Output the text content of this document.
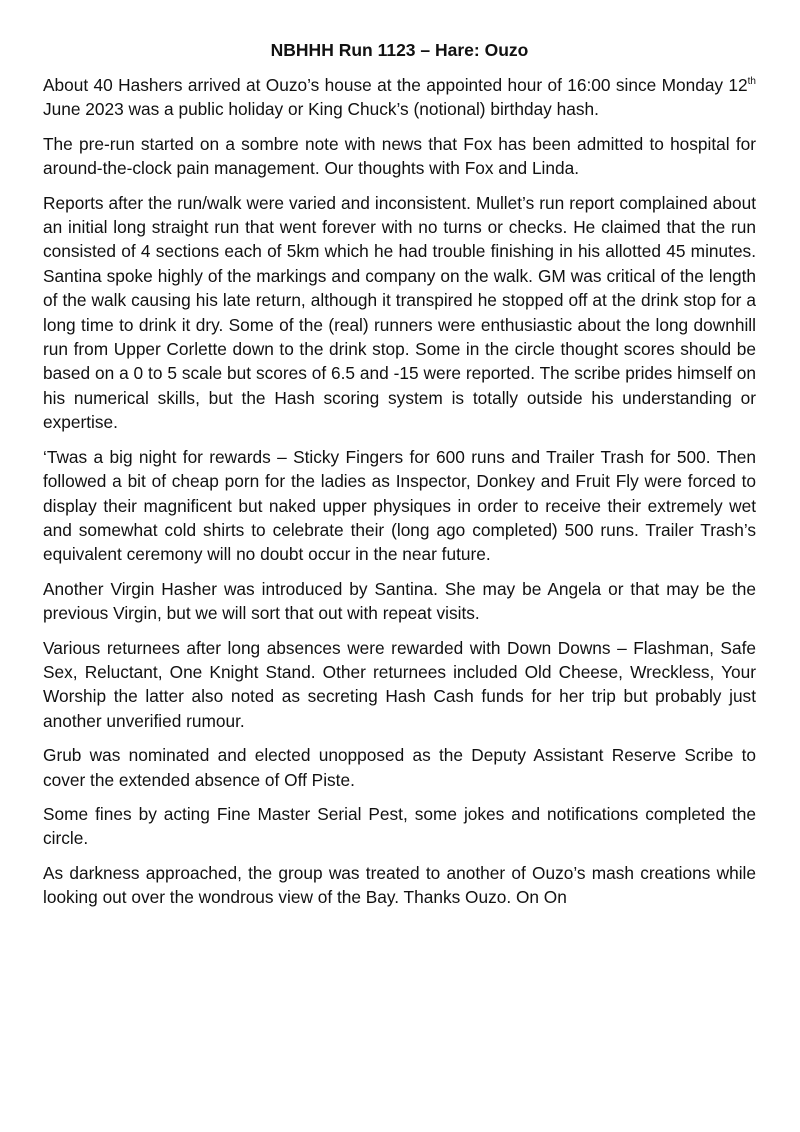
NBHHH Run 1123 – Hare: Ouzo

About 40 Hashers arrived at Ouzo’s house at the appointed hour of 16:00 since Monday 12th June 2023 was a public holiday or King Chuck’s (notional) birthday hash.

The pre-run started on a sombre note with news that Fox has been admitted to hospital for around-the-clock pain management. Our thoughts with Fox and Linda.

Reports after the run/walk were varied and inconsistent. Mullet’s run report complained about an initial long straight run that went forever with no turns or checks. He claimed that the run consisted of 4 sections each of 5km which he had trouble finishing in his allotted 45 minutes. Santina spoke highly of the markings and company on the walk. GM was critical of the length of the walk causing his late return, although it transpired he stopped off at the drink stop for a long time to drink it dry. Some of the (real) runners were enthusiastic about the long downhill run from Upper Corlette down to the drink stop. Some in the circle thought scores should be based on a 0 to 5 scale but scores of 6.5 and -15 were reported. The scribe prides himself on his numerical skills, but the Hash scoring system is totally outside his understanding or expertise.

‘Twas a big night for rewards – Sticky Fingers for 600 runs and Trailer Trash for 500. Then followed a bit of cheap porn for the ladies as Inspector, Donkey and Fruit Fly were forced to display their magnificent but naked upper physiques in order to receive their extremely wet and somewhat cold shirts to celebrate their (long ago completed) 500 runs. Trailer Trash’s equivalent ceremony will no doubt occur in the near future.

Another Virgin Hasher was introduced by Santina. She may be Angela or that may be the previous Virgin, but we will sort that out with repeat visits.

Various returnees after long absences were rewarded with Down Downs – Flashman, Safe Sex, Reluctant, One Knight Stand. Other returnees included Old Cheese, Wreckless, Your Worship the latter also noted as secreting Hash Cash funds for her trip but probably just another unverified rumour.

Grub was nominated and elected unopposed as the Deputy Assistant Reserve Scribe to cover the extended absence of Off Piste.

Some fines by acting Fine Master Serial Pest, some jokes and notifications completed the circle.

As darkness approached, the group was treated to another of Ouzo’s mash creations while looking out over the wondrous view of the Bay. Thanks Ouzo. On On
